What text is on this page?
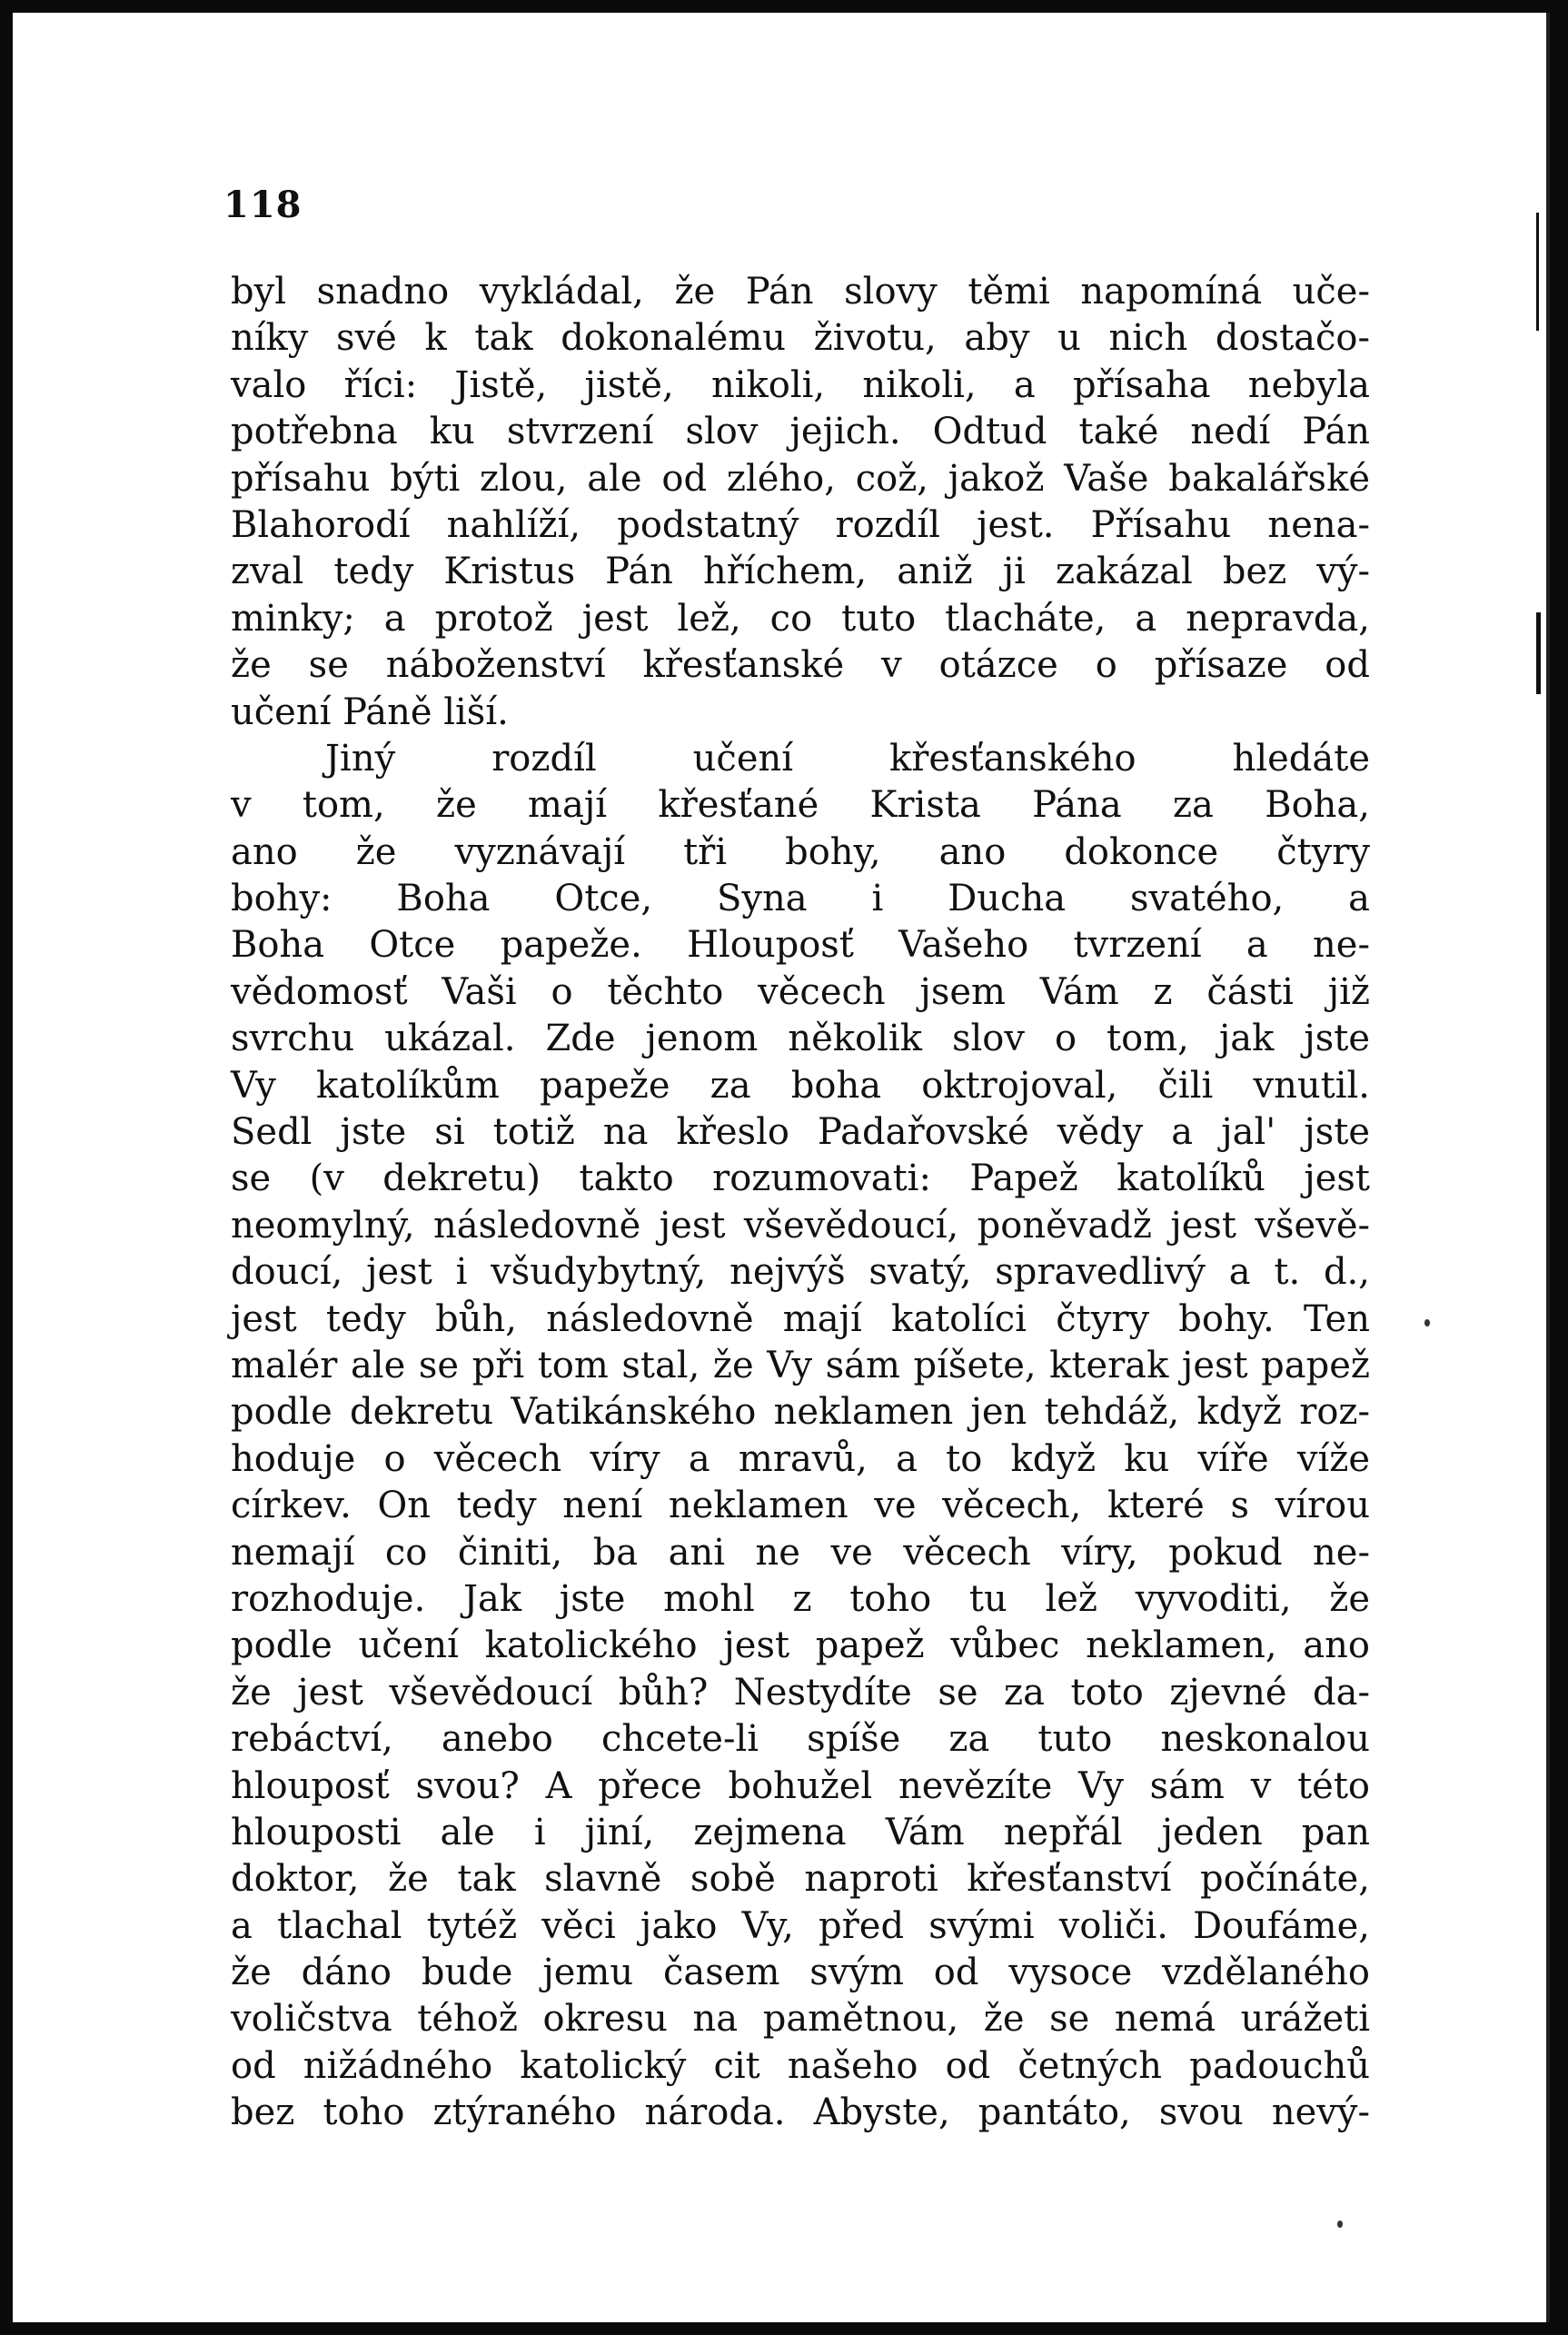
118
byl snadno vykládal, že Pán slovy těmi napomíná uče-
níky své k tak dokonalému životu, aby u nich dostačo-
valo říci: Jistě, jistě, nikoli, nikoli, a přísaha nebyla
potřebna ku stvrzení slov jejich. Odtud také nedí Pán
přísahu býti zlou, ale od zlého, což, jakož Vaše bakalářské
Blahorodí nahlíží, podstatný rozdíl jest. Přísahu nena-
zval tedy Kristus Pán hříchem, aniž ji zakázal bez vý-
minky; a protož jest lež, co tuto tlacháte, a nepravda,
že se náboženství křesťanské v otázce o přísaze od
učení Páně liší.
Jiný rozdíl učení křesťanského hledáte
v tom, že mají křesťané Krista Pána za Boha,
ano že vyznávají tři bohy, ano dokonce čtyry
bohy: Boha Otce, Syna i Ducha svatého, a
Boha Otce papeže. Hlouposť Vašeho tvrzení a ne-
vědomosť Vaši o těchto věcech jsem Vám z části již
svrchu ukázal. Zde jenom několik slov o tom, jak jste
Vy katolíkům papeže za boha oktrojoval, čili vnutil.
Sedl jste si totiž na křeslo Padařovské vědy a jal' jste
se (v dekretu) takto rozumovati: Papež katolíků jest
neomylný, následovně jest vševědoucí, poněvadž jest vševě-
doucí, jest i všudybytný, nejvýš svatý, spravedlivý a t. d.,
jest tedy bůh, následovně mají katolíci čtyry bohy. Ten
malér ale se při tom stal, že Vy sám píšete, kterak jest papež
podle dekretu Vatikánského neklamen jen tehdáž, když roz-
hoduje o věcech víry a mravů, a to když ku víře víže
církev. On tedy není neklamen ve věcech, které s vírou
nemají co činiti, ba ani ne ve věcech víry, pokud ne-
rozhoduje. Jak jste mohl z toho tu lež vyvoditi, že
podle učení katolického jest papež vůbec neklamen, ano
že jest vševědoucí bůh? Nestydíte se za toto zjevné da-
rebáctví, anebo chcete-li spíše za tuto neskonalou
hlouposť svou? A přece bohužel nevězíte Vy sám v této
hlouposti ale i jiní, zejmena Vám nepřál jeden pan
doktor, že tak slavně sobě naproti křesťanství počínáte,
a tlachal tytéž věci jako Vy, před svými voliči. Doufáme,
že dáno bude jemu časem svým od vysoce vzdělaného
voličstva téhož okresu na pamětnou, že se nemá urážeti
od nižádného katolický cit našeho od četných padouchů
bez toho ztýraného národa. Abyste, pantáto, svou nevý-
